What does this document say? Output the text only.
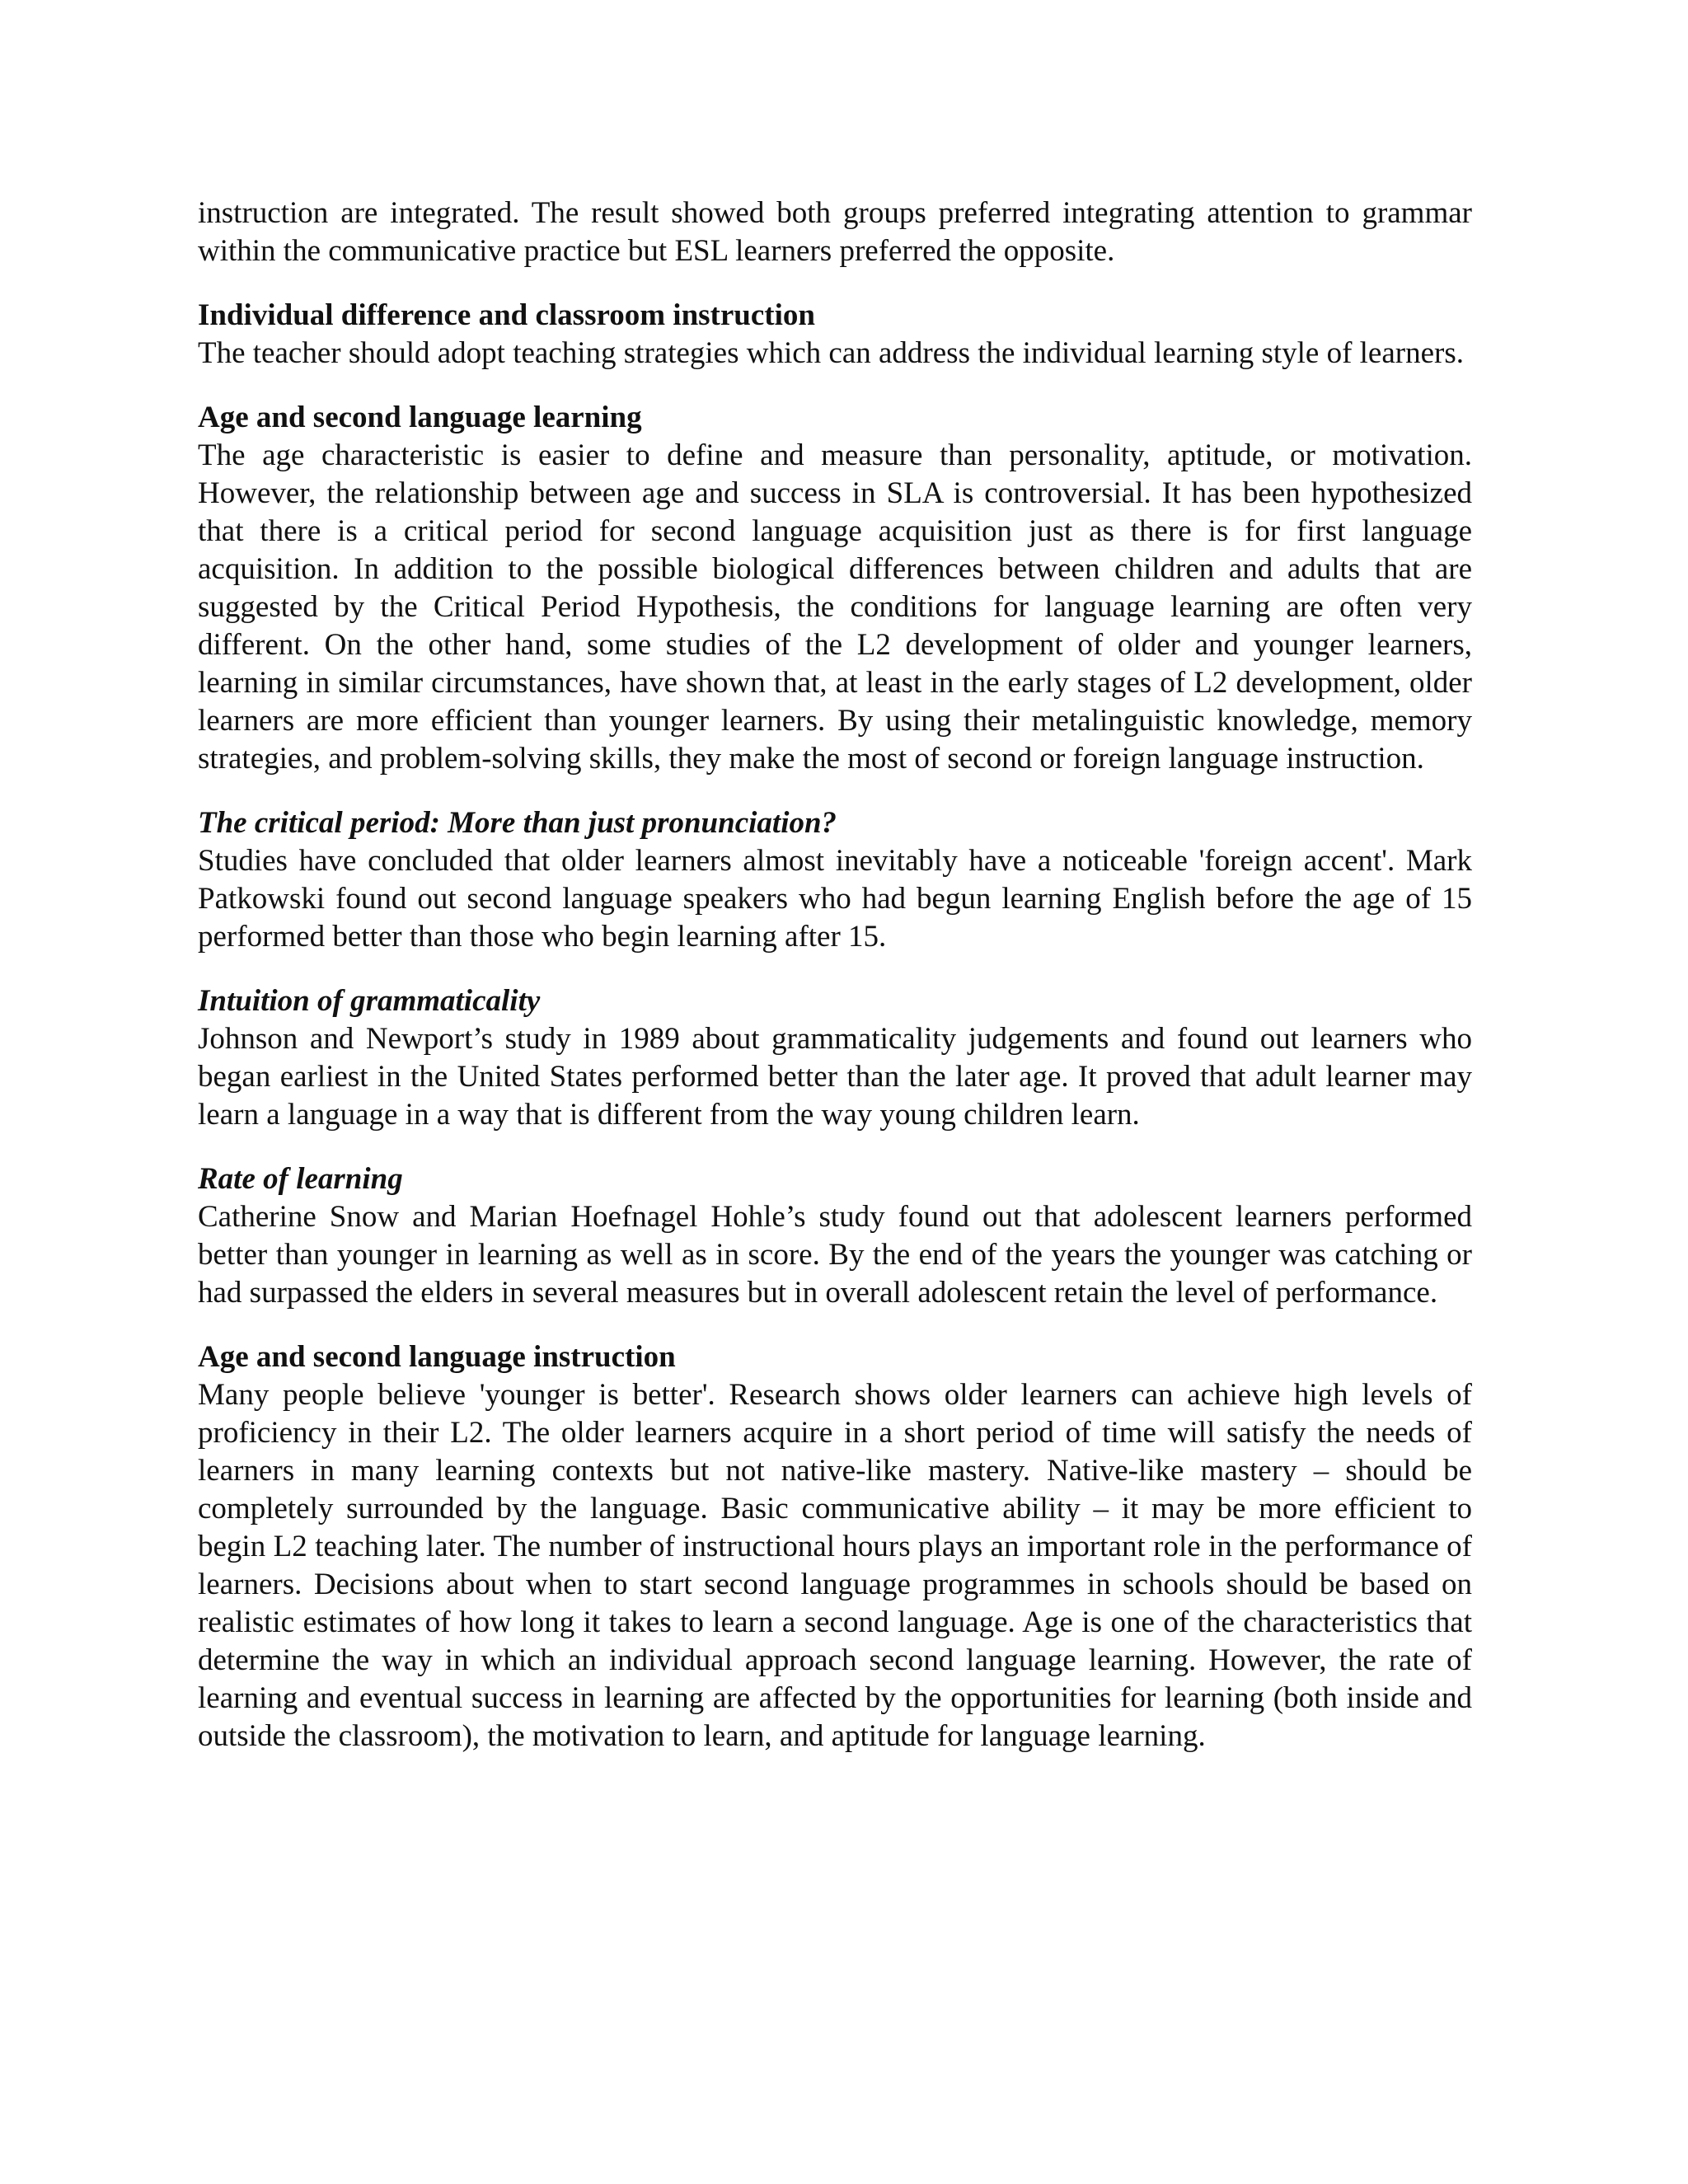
instruction are integrated. The result showed both groups preferred integrating attention to grammar within the communicative practice but ESL learners preferred the opposite.

Individual difference and classroom instruction

The teacher should adopt teaching strategies which can address the individual learning style of learners.

Age and second language learning

The age characteristic is easier to define and measure than personality, aptitude, or motivation. However, the relationship between age and success in SLA is controversial. It has been hypothesized that there is a critical period for second language acquisition just as there is for first language acquisition. In addition to the possible biological differences between children and adults that are suggested by the Critical Period Hypothesis, the conditions for language learning are often very different. On the other hand, some studies of the L2 development of older and younger learners, learning in similar circumstances, have shown that, at least in the early stages of L2 development, older learners are more efficient than younger learners. By using their metalinguistic knowledge, memory strategies, and problem-solving skills, they make the most of second or foreign language instruction.

The critical period: More than just pronunciation?

Studies have concluded that older learners almost inevitably have a noticeable 'foreign accent'. Mark Patkowski found out second language speakers who had begun learning English before the age of 15 performed better than those who begin learning after 15.

Intuition of grammaticality

Johnson and Newport’s study in 1989 about grammaticality judgements and found out learners who began earliest in the United States performed better than the later age. It proved that adult learner may learn a language in a way that is different from the way young children learn.

Rate of learning

Catherine Snow and Marian Hoefnagel Hohle’s study found out that adolescent learners performed better than younger in learning as well as in score. By the end of the years the younger was catching or had surpassed the elders in several measures but in overall adolescent retain the level of performance.

Age and second language instruction

Many people believe 'younger is better'. Research shows older learners can achieve high levels of proficiency in their L2. The older learners acquire in a short period of time will satisfy the needs of learners in many learning contexts but not native-like mastery. Native-like mastery – should be completely surrounded by the language. Basic communicative ability – it may be more efficient to begin L2 teaching later. The number of instructional hours plays an important role in the performance of learners. Decisions about when to start second language programmes in schools should be based on realistic estimates of how long it takes to learn a second language. Age is one of the characteristics that determine the way in which an individual approach second language learning. However, the rate of learning and eventual success in learning are affected by the opportunities for learning (both inside and outside the classroom), the motivation to learn, and aptitude for language learning.
